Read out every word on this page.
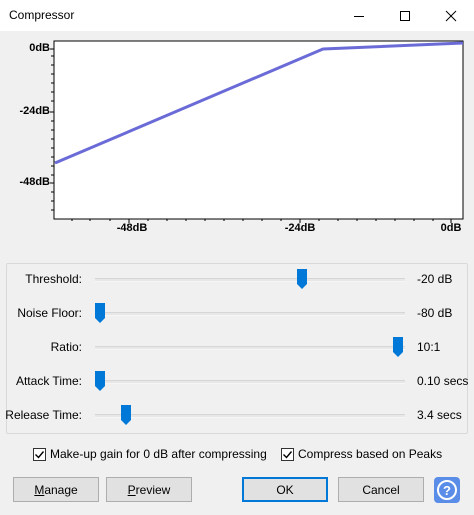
Compressor
0dB
-24dB
-48dB
-48dB	-24dB	0dB
Threshold:	-20 dB
Noise Floor:	-80 dB
Ratio:	10:1
Attack Time:	0.10 secs
Release Time:	3.4 secs
Make-up gain for 0 dB after compressing	Compress based on Peaks
Manage	Preview	OK	Cancel	?
